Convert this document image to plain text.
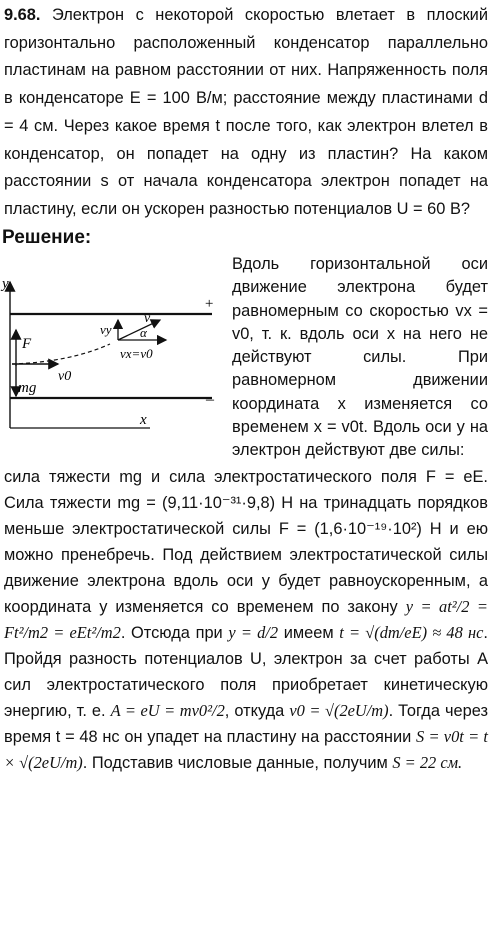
9.68. Электрон с некоторой скоростью влетает в плоский горизонтально расположенный конденсатор параллельно пластинам на равном расстоянии от них. Напряженность поля в конденсаторе E = 100 В/м; расстояние между пластинами d = 4 см. Через какое время t после того, как электрон влетел в конденсатор, он попадет на одну из пластин? На каком расстоянии s от начала конденсатора электрон попадет на пластину, если он ускорен разностью потенциалов U = 60 В?
Решение:
y
+
–
x
F
mg
v0
vy
v
α
vx=v0
Вдоль горизонтальной оси движение электрона будет равномерным со скоростью vx = v0, т. к. вдоль оси x на него не действуют силы. При равномерном движении координата x изменяется со временем x = v0t. Вдоль оси y на электрон действуют две силы:
сила тяжести mg и сила электростатического поля F = eE. Сила тяжести mg = (9,11·10⁻³¹·9,8) Н на тринадцать порядков меньше электростатической силы F = (1,6·10⁻¹⁹·10²) Н и ею можно пренебречь. Под действием электростатической силы движение электрона вдоль оси y будет равноускоренным, а координата y изменяется со временем по закону y = at²/2 = Ft²/m2 = eEt²/m2. Отсюда при y = d/2 имеем t = √(dm/eE) ≈ 48 нс. Пройдя разность потенциалов U, электрон за счет работы A сил электростатического поля приобретает кинетическую энергию, т. е. A = eU = mv0²/2, откуда v0 = √(2eU/m). Тогда через время t = 48 нс он упадет на пластину на расстоянии S = v0t = t × √(2eU/m). Подставив числовые данные, получим S = 22 см.
